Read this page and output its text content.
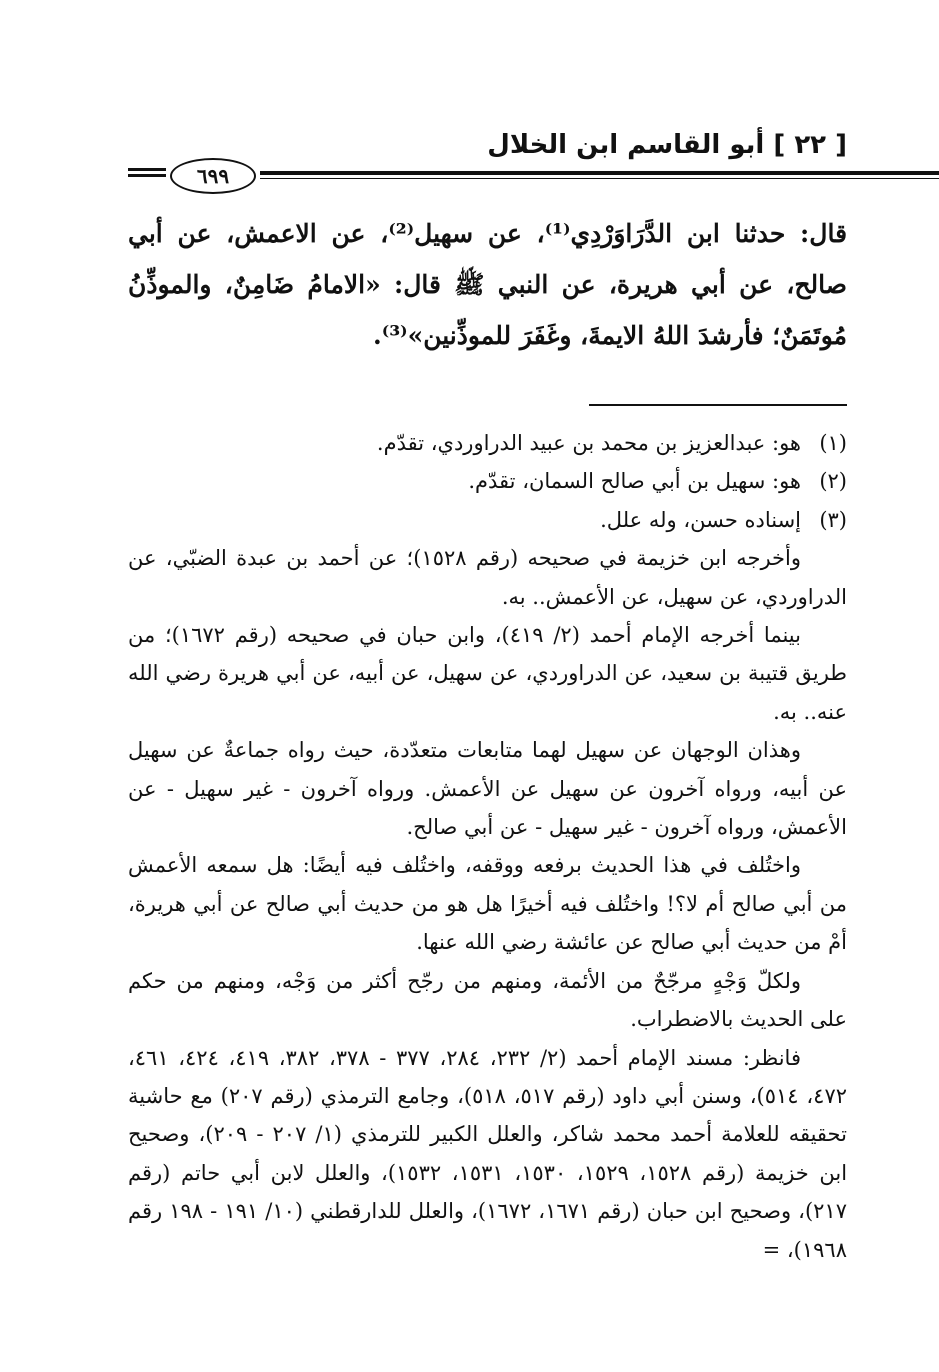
[ ٢٢ ] أبو القاسم ابن الخلال
٦٩٩

قال: حدثنا ابن الدَّرَاوَرْدِي⁽¹⁾، عن سهيل⁽²⁾، عن الاعمش، عن أبي صالح، عن أبي هريرة، عن النبي ﷺ قال: «الامامُ ضَامِنٌ، والموذِّنُ مُوتَمَنٌ؛ فأرشدَ اللهُ الايمةَ، وغَفَرَ للموذِّنين»⁽³⁾.

(١)هو: عبدالعزيز بن محمد بن عبيد الدراوردي، تقدّم.

(٢)هو: سهيل بن أبي صالح السمان، تقدّم.

(٣)إسناده حسن، وله علل.

وأخرجه ابن خزيمة في صحيحه (رقم ١٥٢٨)؛ عن أحمد بن عبدة الضبّي، عن الدراوردي، عن سهيل، عن الأعمش.. به.

بينما أخرجه الإمام أحمد (٢/ ٤١٩)، وابن حبان في صحيحه (رقم ١٦٧٢)؛ من طريق قتيبة بن سعيد، عن الدراوردي، عن سهيل، عن أبيه، عن أبي هريرة رضي الله عنه.. به.

وهذان الوجهان عن سهيل لهما متابعات متعدّدة، حيث رواه جماعةٌ عن سهيل عن أبيه، ورواه آخرون عن سهيل عن الأعمش. ورواه آخرون - غير سهيل - عن الأعمش، ورواه آخرون - غير سهيل - عن أبي صالح.

واختُلف في هذا الحديث برفعه ووقفه، واختُلف فيه أيضًا: هل سمعه الأعمش من أبي صالح أم لا؟! واختُلف فيه أخيرًا هل هو من حديث أبي صالح عن أبي هريرة، أمْ من حديث أبي صالح عن عائشة رضي الله عنها.

ولكلّ وَجْهٍ مرجّحٌ من الأئمة، ومنهم من رجّح أكثر من وَجْه، ومنهم من حكم على الحديث بالاضطراب.

فانظر: مسند الإمام أحمد (٢/ ٢٣٢، ٢٨٤، ٣٧٧ - ٣٧٨، ٣٨٢، ٤١٩، ٤٢٤، ٤٦١، ٤٧٢، ٥١٤)، وسنن أبي داود (رقم ٥١٧، ٥١٨)، وجامع الترمذي (رقم ٢٠٧) مع حاشية تحقيقه للعلامة أحمد محمد شاكر، والعلل الكبير للترمذي (١/ ٢٠٧ - ٢٠٩)، وصحيح ابن خزيمة (رقم ١٥٢٨، ١٥٢٩، ١٥٣٠، ١٥٣١، ١٥٣٢)، والعلل لابن أبي حاتم (رقم ٢١٧)، وصحيح ابن حبان (رقم ١٦٧١، ١٦٧٢)، والعلل للدارقطني (١٠/ ١٩١ - ١٩٨ رقم ١٩٦٨)، =
